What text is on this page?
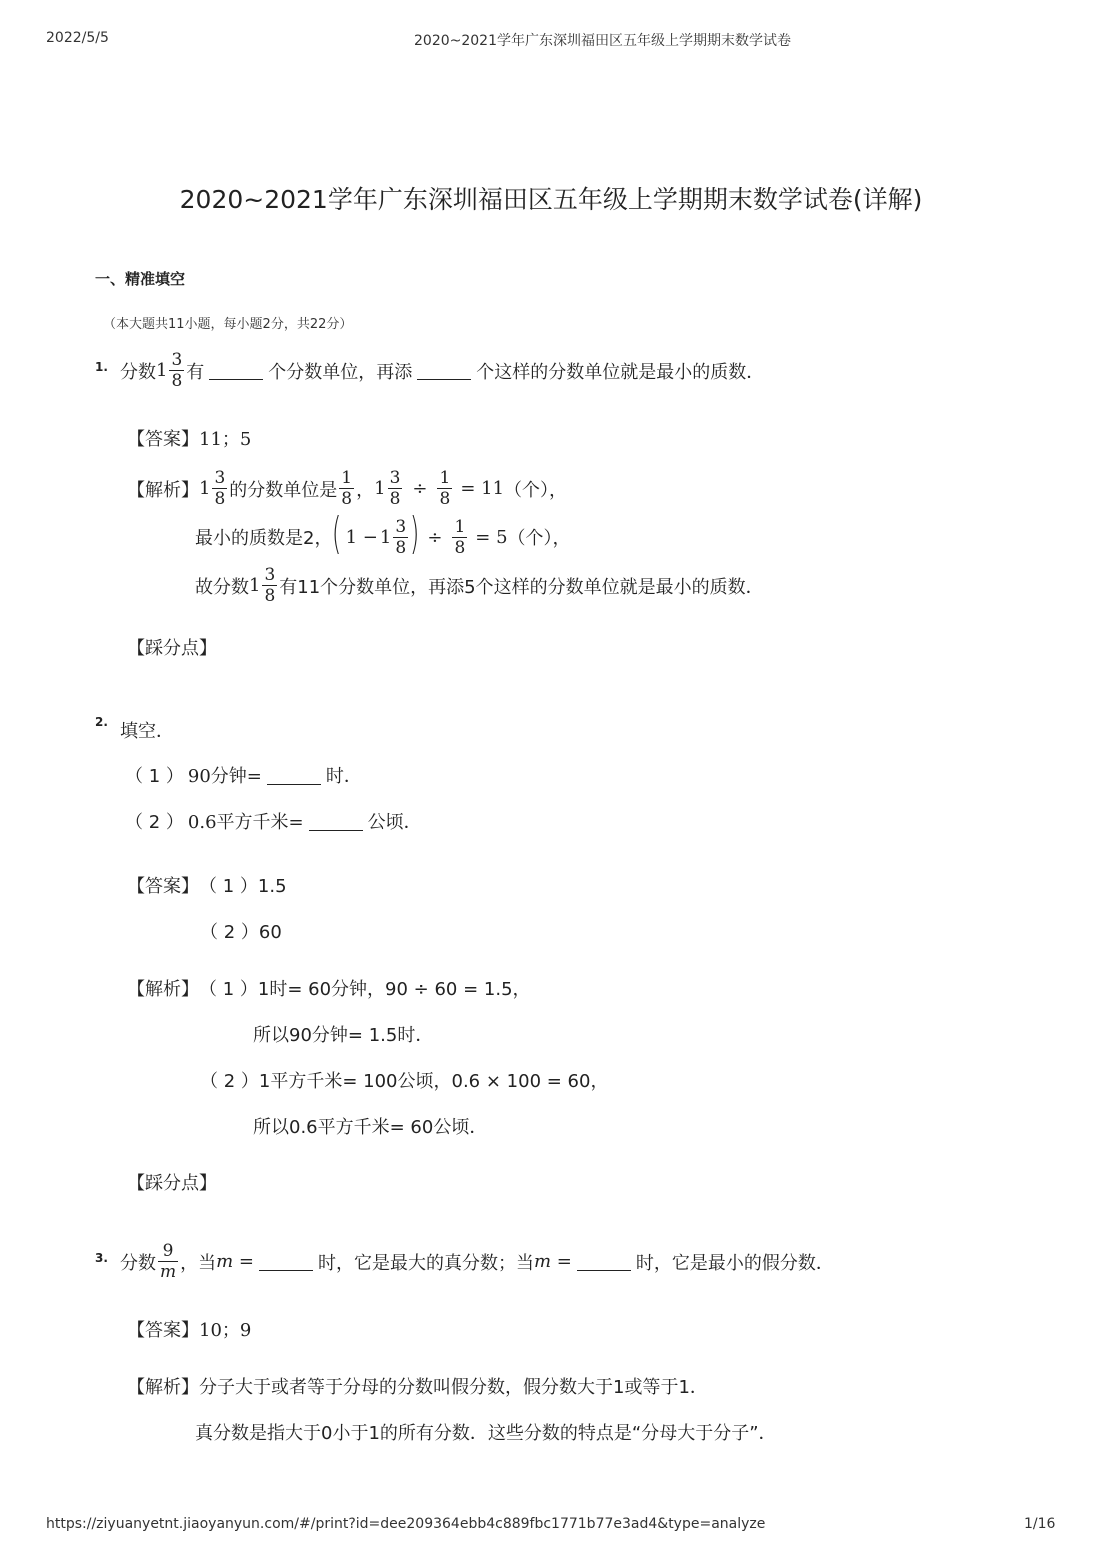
2022/5/5	2020~2021学年广东深圳福田区五年级上学期期末数学试卷
2020~2021学年广东深圳福田区五年级上学期期末数学试卷(详解)
一、精准填空
（本大题共11小题，每小题2分，共22分）
1. 分数 $1 \frac{3}{8}$ 有	个分数单位，再添	个这样的分数单位就是最小的质数．
【答案】 11；5
【解析】 $1 \frac{3}{8}$ 的分数单位是 $\frac{1}{8}$ ， $1 \frac{3}{8} \div \frac{1}{8} = 11$ （个），
最小的质数是2， ( $1 - 1 \frac{3}{8}$ ) ÷ $\frac{1}{8} = 5$ （个），
故分数 $1 \frac{3}{8}$ 有11个分数单位，再添5个这样的分数单位就是最小的质数．
【踩分点】
2. 填空．
（ 1 ） 90分钟=	时．
（ 2 ） 0.6平方千米=	公顷．
【答案】 （ 1 ）1.5
（ 2 ）60
【解析】 （ 1 ）1时= 60分钟，90 ÷ 60 = 1.5，
所以90分钟= 1.5时．
（ 2 ）1平方千米= 100公顷，0.6 × 100 = 60，
所以0.6平方千米= 60公顷．
【踩分点】
3. 分数 $\frac{9}{m}$ ，当 m =	时，它是最大的真分数；当 m =	时，它是最小的假分数．
【答案】 10；9
【解析】 分子大于或者等于分母的分数叫假分数，假分数大于1或等于1．
真分数是指大于0小于1的所有分数．这些分数的特点是“分母大于分子”．
https://ziyuanyetnt.jiaoyanyun.com/#/print?id=dee209364ebb4c889fbc1771b77e3ad4&type=analyze	1/16
